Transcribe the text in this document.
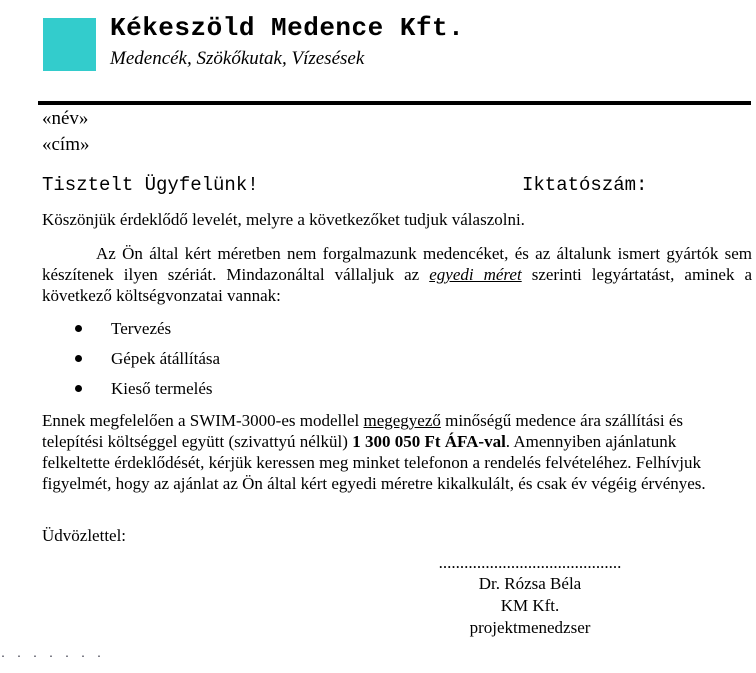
Kékeszöld Medence Kft.
Medencék, Szökőkutak, Vízesések
«név»
«cím»
Tisztelt Ügyfelünk!	Iktatószám:
Köszönjük érdeklődő levelét, melyre a következőket tudjuk válaszolni.
Az Ön által kért méretben nem forgalmazunk medencéket, és az általunk ismert gyártók sem készítenek ilyen szériát. Mindazonáltal vállaljuk az egyedi méret szerinti legyártatást, aminek a következő költségvonzatai vannak:
Tervezés
Gépek átállítása
Kieső termelés
Ennek megfelelően a SWIM-3000-es modellel megegyező minőségű medence ára szállítási és telepítési költséggel együtt (szivattyú nélkül) 1 300 050 Ft ÁFA-val. Amennyiben ajánlatunk felkeltette érdeklődését, kérjük keressen meg minket telefonon a rendelés felvételéhez. Felhívjuk figyelmét, hogy az ajánlat az Ön által kért egyedi méretre kikalkulált, és csak év végéig érvényes.
Üdvözlettel:
...........................................
Dr. Rózsa Béla
KM Kft.
projektmenedzser
. . . . . . .
